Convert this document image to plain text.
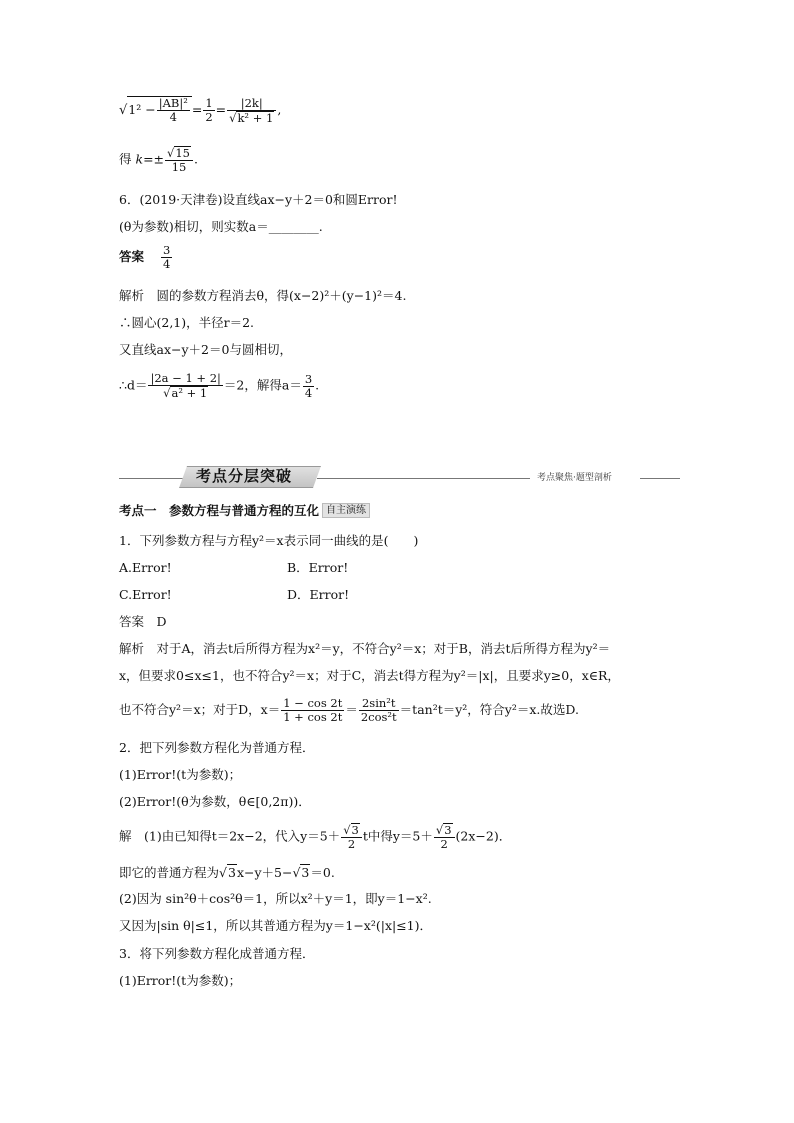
$√1^2 - \frac{\text{|AB|²}}{4} = \frac{1}{2} = \frac{|2k|}{\text{√k² + 1}}$ ,
得 $k=\pm \frac{√15}{15}$ .
6．(2019·天津卷)设直线ax−y＋2＝0和圆Error!
(θ为参数)相切，则实数a＝________.
答案 $\frac{3}{4}$
解析　圆的参数方程消去θ，得(x−2)²＋(y−1)²＝4.
∴圆心(2,1)，半径r＝2.
又直线ax−y＋2＝0与圆相切，
∴d＝ $\frac{|2a - 1 + 2|}{\text{√a² + 1}} =2$，解得$a= \frac{3}{4}$ .
考点分层突破	考点聚焦·题型剖析
考点一　参数方程与普通方程的互化 自主演练
1．下列参数方程与方程y²＝x表示同一曲线的是(　　)
A.Error!	B．Error!
C.Error!	D．Error!
答案　D
解析　对于A，消去t后所得方程为x²＝y，不符合y²＝x；对于B，消去t后所得方程为y²＝
x，但要求0≤x≤1，也不符合y²＝x；对于C，消去t得方程为y²＝|x|，且要求y≥0，x∈R，
也不符合y²＝x；对于D，$x= \frac{1 - \cos 2t}{1 + \cos 2t} = \frac{\text{2sin²t}}{\text{2cos²t}} =\tan^2t=y^2$，符合y²＝x.故选D.
2．把下列参数方程化为普通方程．
(1)Error!(t为参数)；
(2)Error!(θ为参数，θ∈[0,2π))．
解　(1)由已知得t＝2x−2，代入$y=5+ \frac{√3}{2}$ t中得$y=5+ \frac{√3}{2} (2x-2)$．
即它的普通方程为√3x−y＋5−√3＝0.
(2)因为 sin²θ＋cos²θ＝1，所以x²＋y＝1，即y＝1−x².
又因为|sin θ|≤1，所以其普通方程为y＝1−x²(|x|≤1)．
3．将下列参数方程化成普通方程．
(1)Error!(t为参数)；
